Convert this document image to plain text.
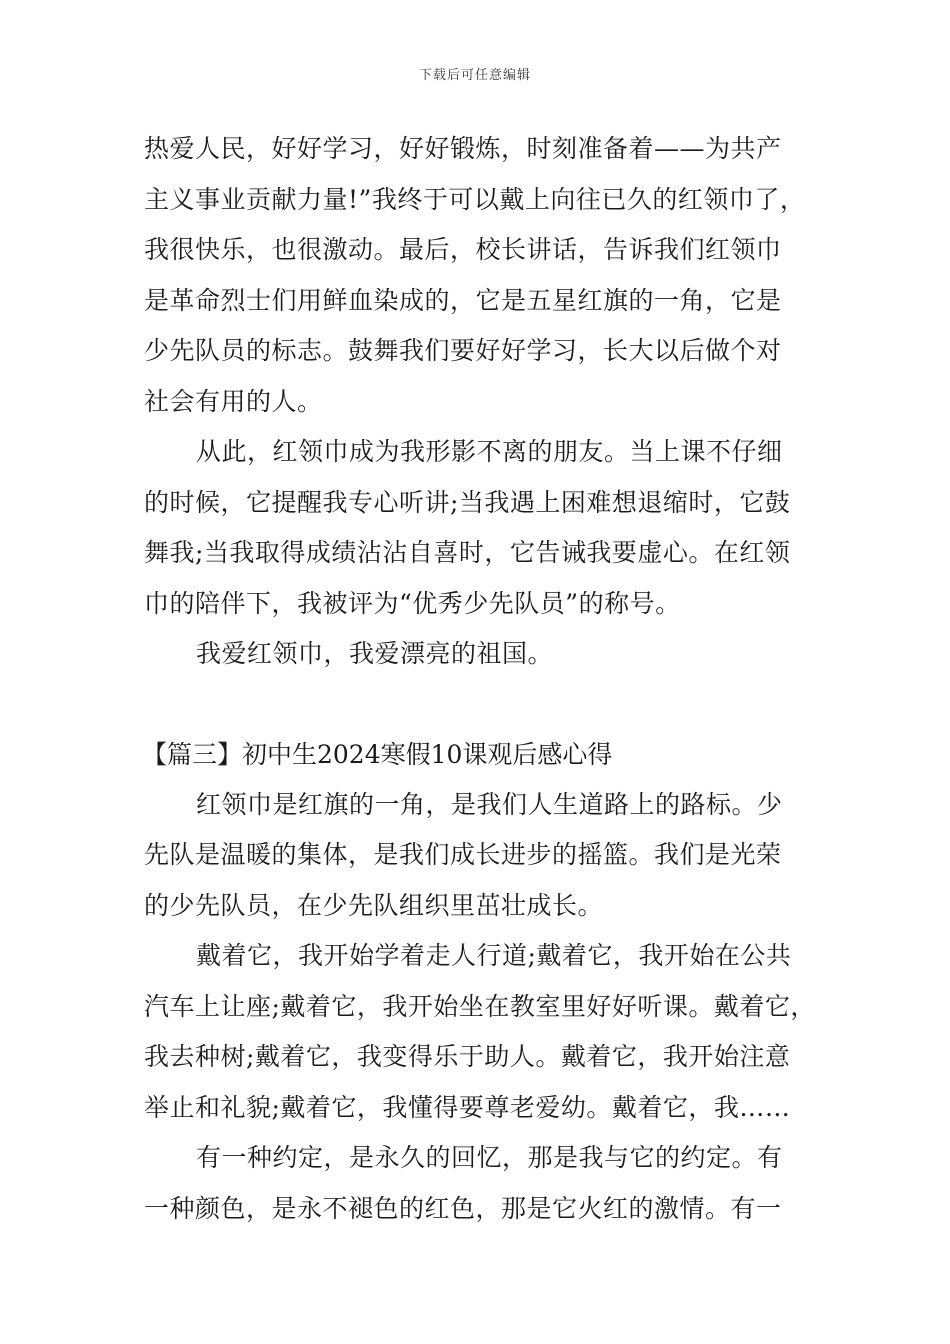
下载后可任意编辑
热爱人民，好好学习，好好锻炼，时刻准备着——为共产
主义事业贡献力量!”我终于可以戴上向往已久的红领巾了，
我很快乐，也很激动。最后，校长讲话，告诉我们红领巾
是革命烈士们用鲜血染成的，它是五星红旗的一角，它是
少先队员的标志。鼓舞我们要好好学习，长大以后做个对
社会有用的人。
从此，红领巾成为我形影不离的朋友。当上课不仔细
的时候，它提醒我专心听讲;当我遇上困难想退缩时，它鼓
舞我;当我取得成绩沾沾自喜时，它告诫我要虚心。在红领
巾的陪伴下，我被评为“优秀少先队员”的称号。
我爱红领巾，我爱漂亮的祖国。
【篇三】初中生2024寒假10课观后感心得
红领巾是红旗的一角，是我们人生道路上的路标。少
先队是温暖的集体，是我们成长进步的摇篮。我们是光荣
的少先队员，在少先队组织里茁壮成长。
戴着它，我开始学着走人行道;戴着它，我开始在公共
汽车上让座;戴着它，我开始坐在教室里好好听课。戴着它，
我去种树;戴着它，我变得乐于助人。戴着它，我开始注意
举止和礼貌;戴着它，我懂得要尊老爱幼。戴着它，我……
有一种约定，是永久的回忆，那是我与它的约定。有
一种颜色，是永不褪色的红色，那是它火红的激情。有一
